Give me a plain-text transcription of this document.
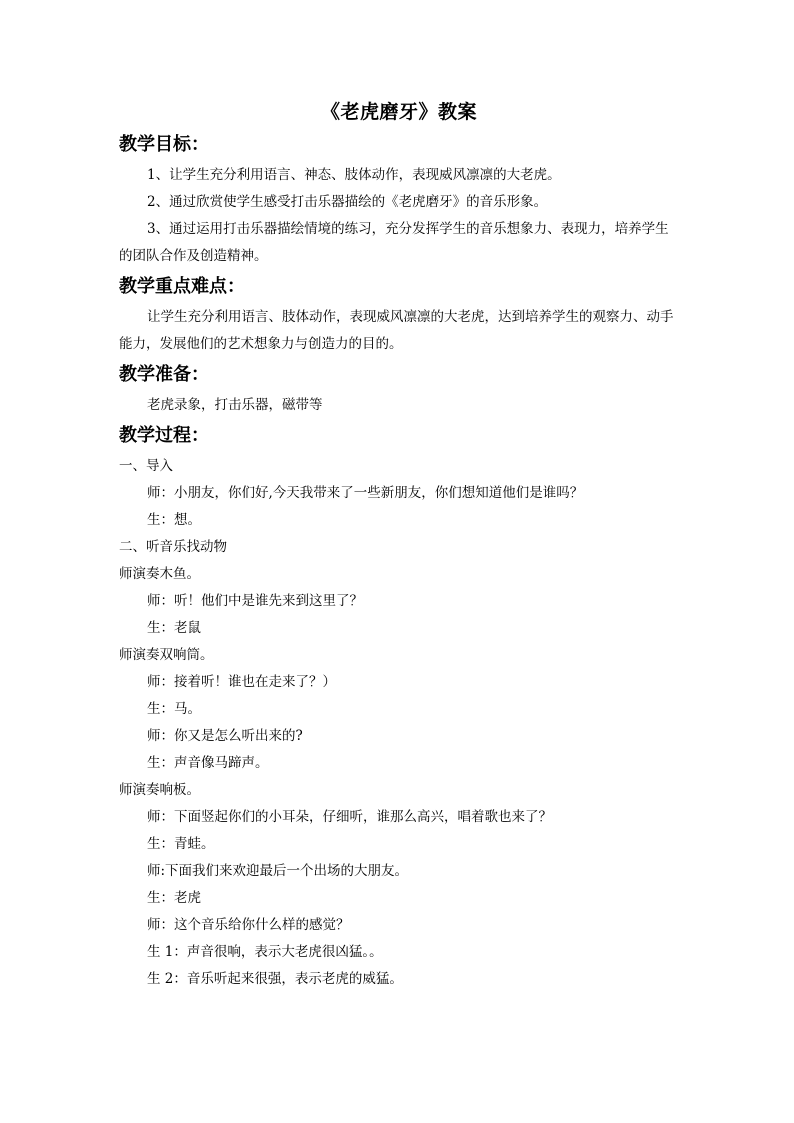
《老虎磨牙》教案
教学目标：

1、让学生充分利用语言、神态、肢体动作，表现威风凛凛的大老虎。

2、通过欣赏使学生感受打击乐器描绘的《老虎磨牙》的音乐形象。

3、通过运用打击乐器描绘情境的练习，充分发挥学生的音乐想象力、表现力，培养学生的团队合作及创造精神。

教学重点难点：

让学生充分利用语言、肢体动作，表现威风凛凛的大老虎，达到培养学生的观察力、动手能力，发展他们的艺术想象力与创造力的目的。

教学准备：

老虎录象，打击乐器，磁带等

教学过程：

一、导入

师：小朋友，你们好,今天我带来了一些新朋友，你们想知道他们是谁吗？

生：想。

二、听音乐找动物

师演奏木鱼。

师：听！他们中是谁先来到这里了？

生：老鼠

师演奏双响筒。

师：接着听！谁也在走来了？）

生：马。

师：你又是怎么听出来的?

生：声音像马蹄声。

师演奏响板。

师：下面竖起你们的小耳朵，仔细听，谁那么高兴，唱着歌也来了？

生：青蛙。

师:下面我们来欢迎最后一个出场的大朋友。

生：老虎

师：这个音乐给你什么样的感觉？

生 1：声音很响，表示大老虎很凶猛。。

生 2：音乐听起来很强，表示老虎的威猛。
